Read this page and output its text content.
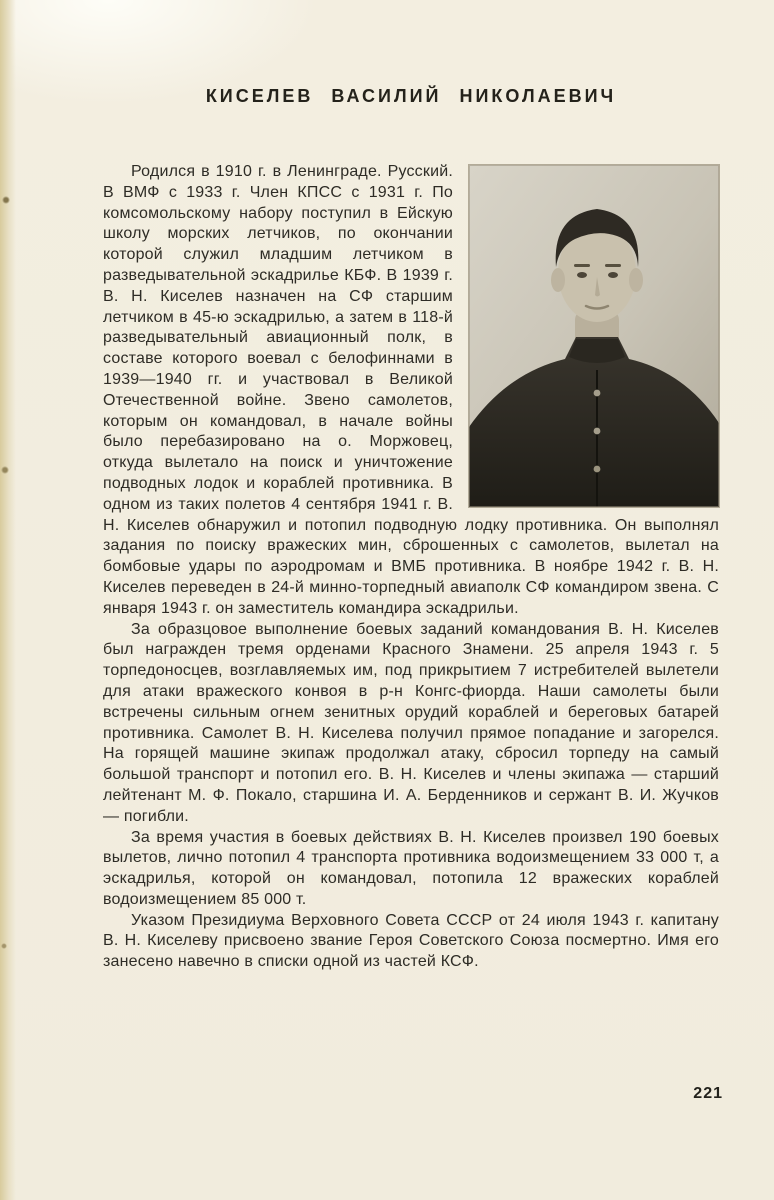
КИСЕЛЕВ ВАСИЛИЙ НИКОЛАЕВИЧ

Родился в 1910 г. в Ленинграде. Русский. В ВМФ с 1933 г. Член КПСС с 1931 г. По комсомольскому набору поступил в Ейскую школу морских летчиков, по окончании которой служил младшим летчиком в разведывательной эскадрилье КБФ. В 1939 г. В. Н. Киселев назначен на СФ старшим летчиком в 45-ю эскадрилью, а затем в 118-й разведывательный авиационный полк, в составе которого воевал с белофиннами в 1939—1940 гг. и участвовал в Великой Отечественной войне. Звено самолетов, которым он командовал, в начале войны было перебазировано на о. Моржовец, откуда вылетало на поиск и уничтожение подводных лодок и кораблей противника. В одном из таких полетов 4 сентября 1941 г. В. Н. Киселев обнаружил и потопил подводную лодку противника. Он выполнял задания по поиску вражеских мин, сброшенных с самолетов, вылетал на бомбовые удары по аэродромам и ВМБ противника. В ноябре 1942 г. В. Н. Киселев переведен в 24-й минно-торпедный авиаполк СФ командиром звена. С января 1943 г. он заместитель командира эскадрильи.

За образцовое выполнение боевых заданий командования В. Н. Киселев был награжден тремя орденами Красного Знамени. 25 апреля 1943 г. 5 торпедоносцев, возглавляемых им, под прикрытием 7 истребителей вылетели для атаки вражеского конвоя в р-н Конгс-фиорда. Наши самолеты были встречены сильным огнем зенитных орудий кораблей и береговых батарей противника. Самолет В. Н. Киселева получил прямое попадание и загорелся. На горящей машине экипаж продолжал атаку, сбросил торпеду на самый большой транспорт и потопил его. В. Н. Киселев и члены экипажа — старший лейтенант М. Ф. Покало, старшина И. А. Берденников и сержант В. И. Жучков — погибли.

За время участия в боевых действиях В. Н. Киселев произвел 190 боевых вылетов, лично потопил 4 транспорта противника водоизмещением 33 000 т, а эскадрилья, которой он командовал, потопила 12 вражеских кораблей водоизмещением 85 000 т.

Указом Президиума Верховного Совета СССР от 24 июля 1943 г. капитану В. Н. Киселеву присвоено звание Героя Советского Союза посмертно. Имя его занесено навечно в списки одной из частей КСФ.

221
